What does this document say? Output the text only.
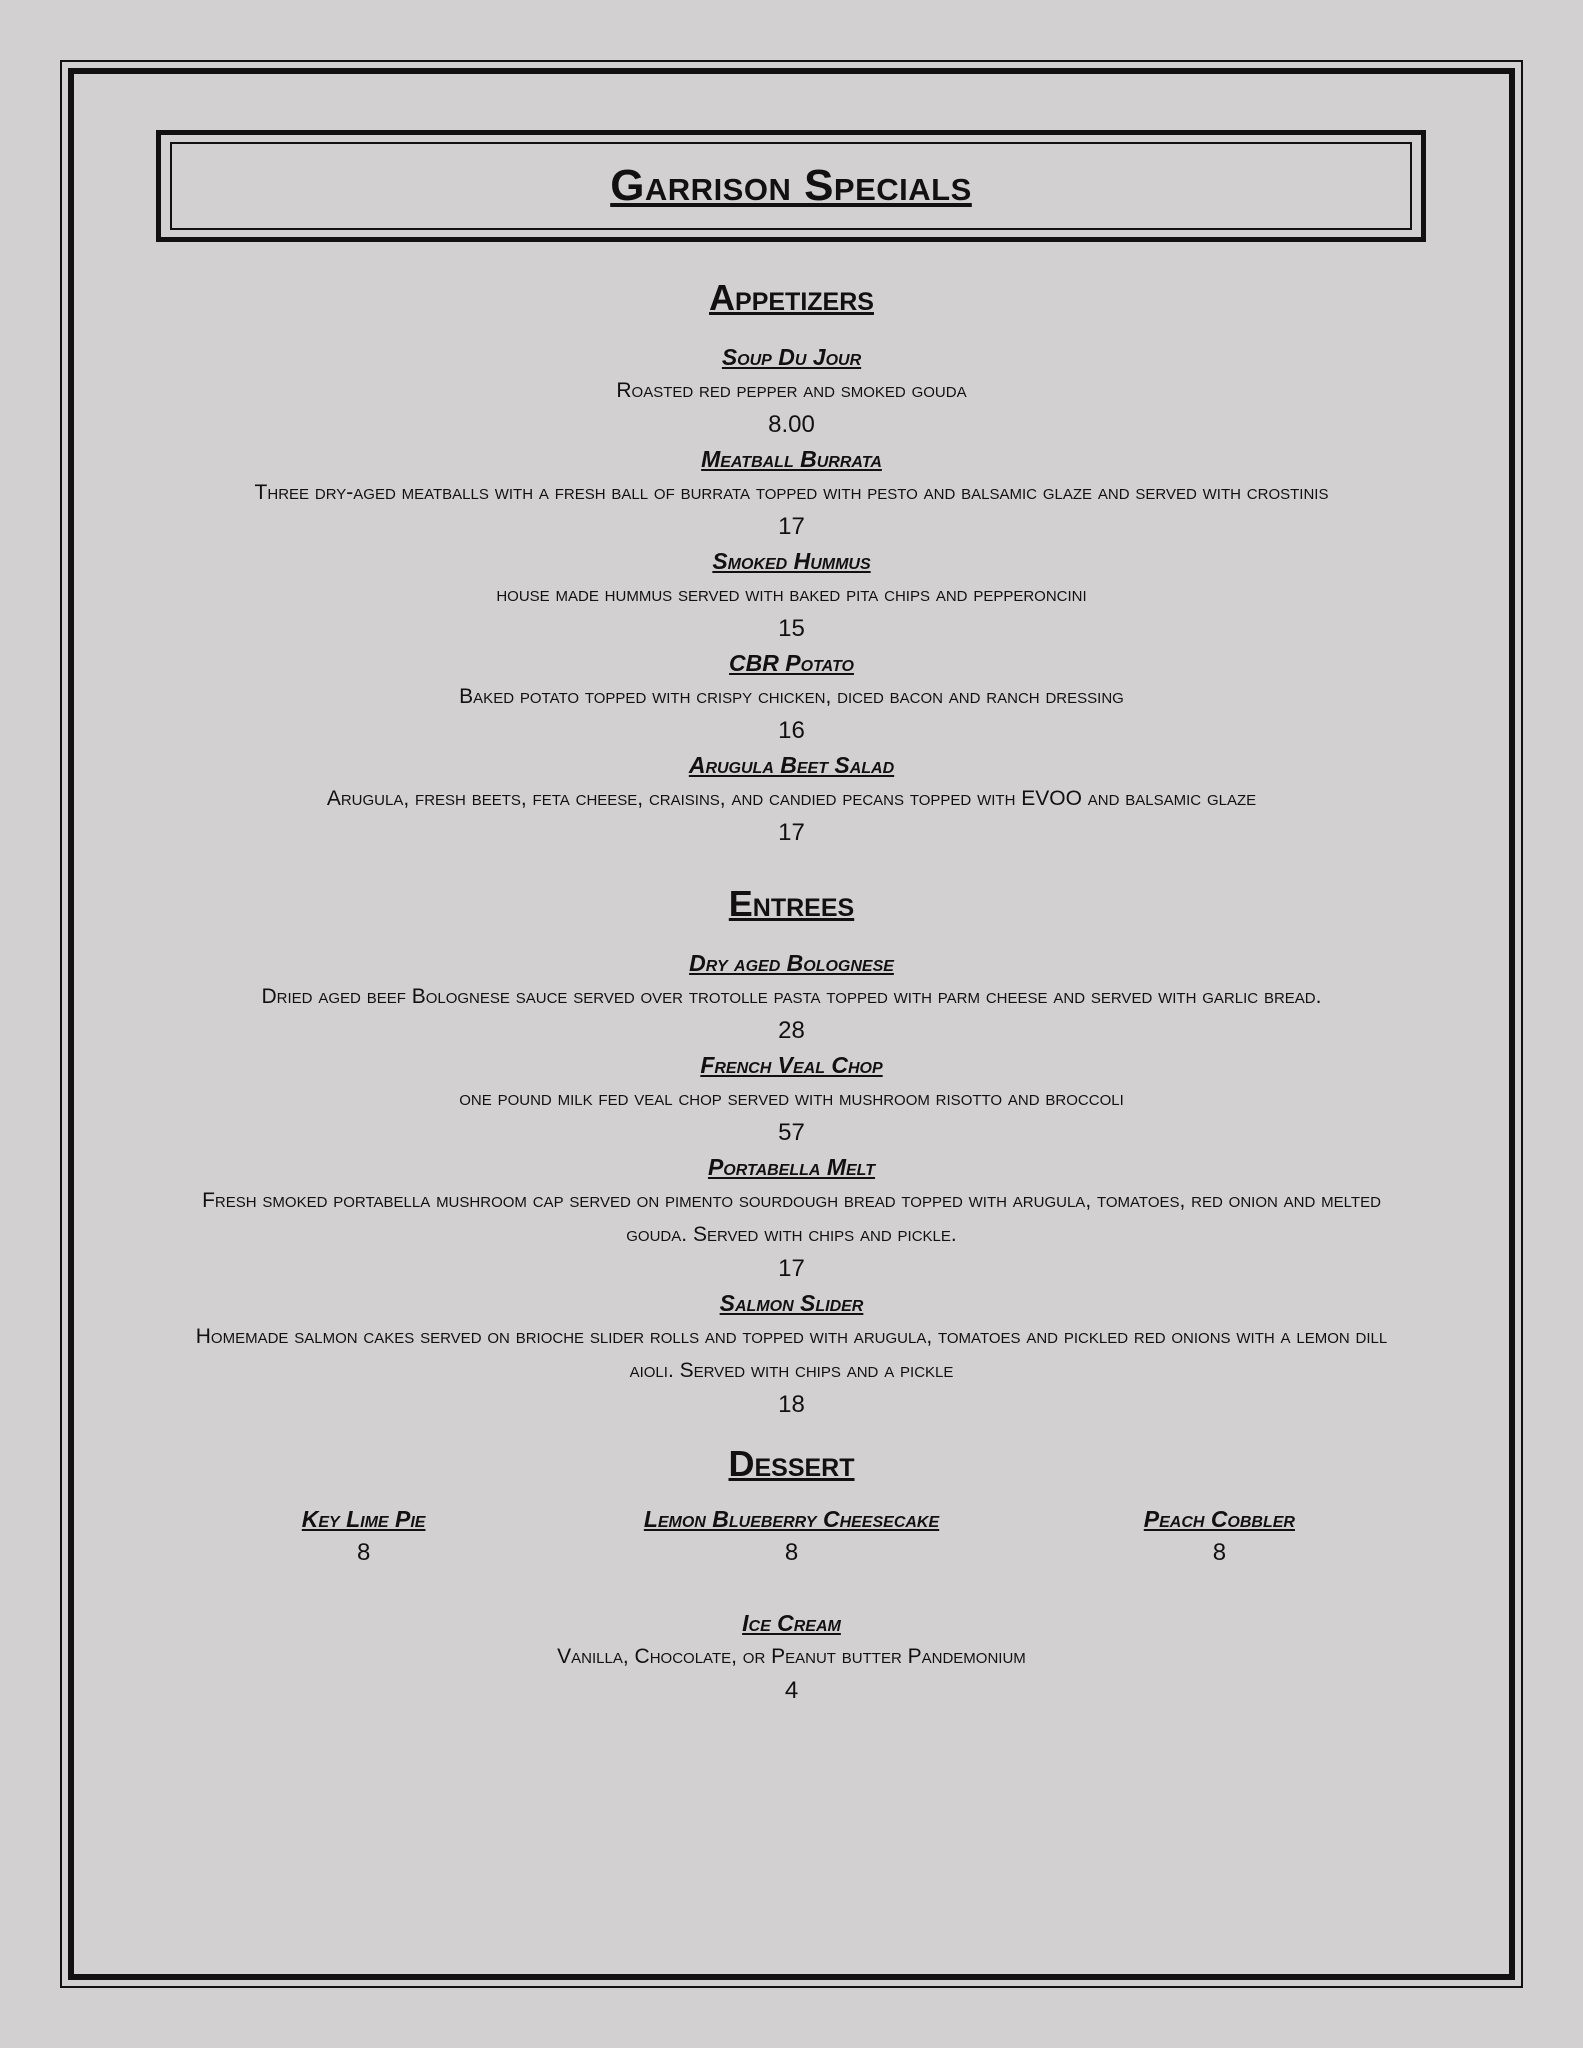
Garrison Specials
Appetizers

Soup Du Jour

Roasted red pepper and smoked gouda

8.00

Meatball Burrata

Three dry-aged meatballs with a fresh ball of burrata topped with pesto and balsamic glaze and served with crostinis

17

Smoked Hummus

house made hummus served with baked pita chips and pepperoncini

15

CBR Potato

Baked potato topped with crispy chicken, diced bacon and ranch dressing

16

Arugula Beet Salad

Arugula, fresh beets, feta cheese, craisins, and candied pecans topped with EVOO and balsamic glaze

17

Entrees

Dry aged Bolognese

Dried aged beef Bolognese sauce served over trotolle pasta topped with parm cheese and served with garlic bread.

28

French Veal Chop

one pound milk fed veal chop served with mushroom risotto and broccoli

57

Portabella Melt

Fresh smoked portabella mushroom cap served on pimento sourdough bread topped with arugula, tomatoes, red onion and melted gouda. Served with chips and pickle.

17

Salmon Slider

Homemade salmon cakes served on brioche slider rolls and topped with arugula, tomatoes and pickled red onions with a lemon dill aioli. Served with chips and a pickle

18

Dessert

Key Lime Pie

8

Lemon Blueberry Cheesecake

8

Peach Cobbler

8

Ice Cream

Vanilla, Chocolate, or Peanut butter Pandemonium

4
